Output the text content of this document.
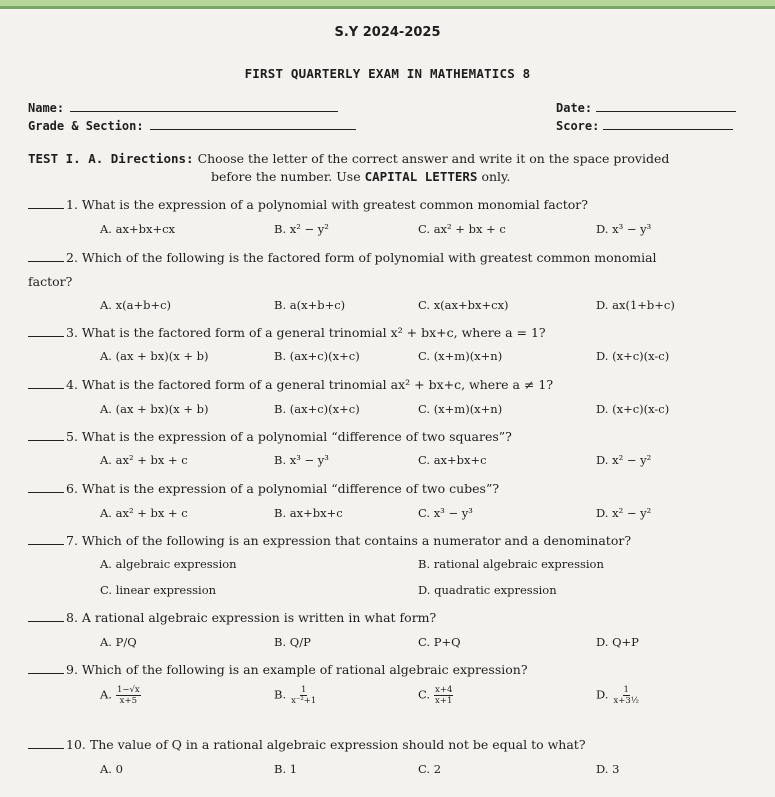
S.Y 2024-2025
FIRST QUARTERLY EXAM IN MATHEMATICS 8
Name:	Date:
Grade & Section:	Score:
TEST I. A. Directions: Choose the letter of the correct answer and write it on the space provided
before the number. Use CAPITAL LETTERS only.
1. What is the expression of a polynomial with greatest common monomial factor?
A. ax+bx+cx	B. x² − y²	C. ax² + bx + c	D. x³ − y³
2. Which of the following is the factored form of polynomial with greatest common monomial
factor?
A. x(a+b+c)	B. a(x+b+c)	C. x(ax+bx+cx)	D. ax(1+b+c)
3. What is the factored form of a general trinomial x² + bx+c, where a = 1?
A. (ax + bx)(x + b)	B. (ax+c)(x+c)	C. (x+m)(x+n)	D. (x+c)(x-c)
4. What is the factored form of a general trinomial ax² + bx+c, where a ≠ 1?
A. (ax + bx)(x + b)	B. (ax+c)(x+c)	C. (x+m)(x+n)	D. (x+c)(x-c)
5. What is the expression of a polynomial “difference of two squares”?
A. ax² + bx + c	B. x³ − y³	C. ax+bx+c	D. x² − y²
6. What is the expression of a polynomial “difference of two cubes”?
A. ax² + bx + c	B. ax+bx+c	C. x³ − y³	D. x² − y²
7. Which of the following is an expression that contains a numerator and a denominator?
A. algebraic expression	B. rational algebraic expression
C. linear expression	D. quadratic expression
8. A rational algebraic expression is written in what form?
A. P/Q	B. Q/P	C. P+Q	D. Q+P
9. Which of the following is an example of rational algebraic expression?
A. $\frac{1-√x}{x+5}$	B. $\frac{1}{\text{x⁻²+1}}$	C. $\frac{x+4}{x+1}$	D. $\frac{1}{\text{x+3½}}$
10. The value of Q in a rational algebraic expression should not be equal to what?
A. 0	B. 1	C. 2	D. 3
